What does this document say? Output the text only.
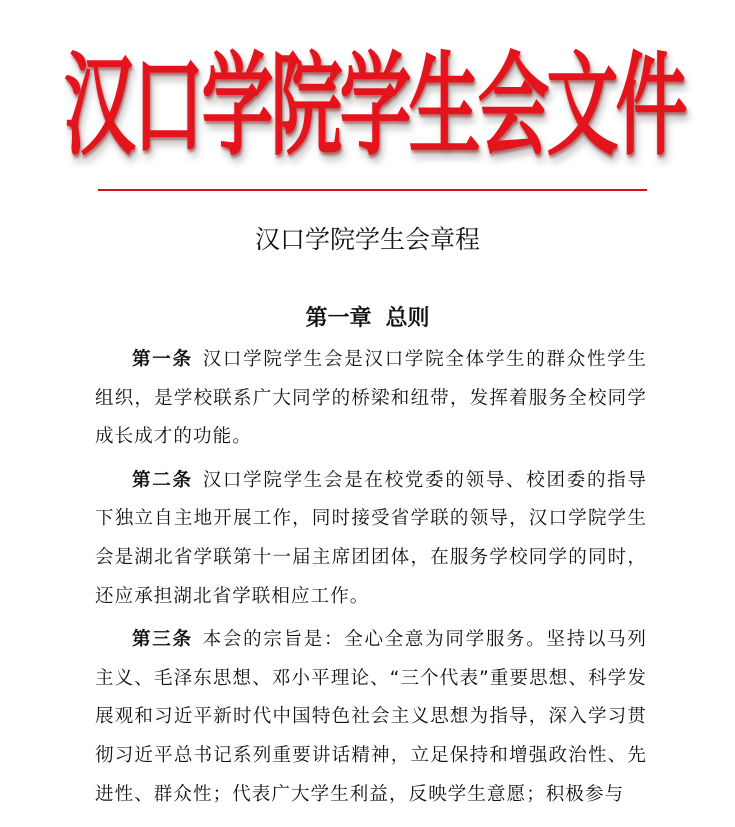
汉口学院学生会文件
汉口学院学生会章程
第一章 总则

第一条 汉口学院学生会是汉口学院全体学生的群众性学生组织，是学校联系广大同学的桥梁和纽带，发挥着服务全校同学成长成才的功能。

第二条 汉口学院学生会是在校党委的领导、校团委的指导下独立自主地开展工作，同时接受省学联的领导，汉口学院学生会是湖北省学联第十一届主席团团体，在服务学校同学的同时，还应承担湖北省学联相应工作。

第三条 本会的宗旨是：全心全意为同学服务。坚持以马列主义、毛泽东思想、邓小平理论、“三个代表”重要思想、科学发展观和习近平新时代中国特色社会主义思想为指导，深入学习贯彻习近平总书记系列重要讲话精神，立足保持和增强政治性、先进性、群众性；代表广大学生利益，反映学生意愿；积极参与
